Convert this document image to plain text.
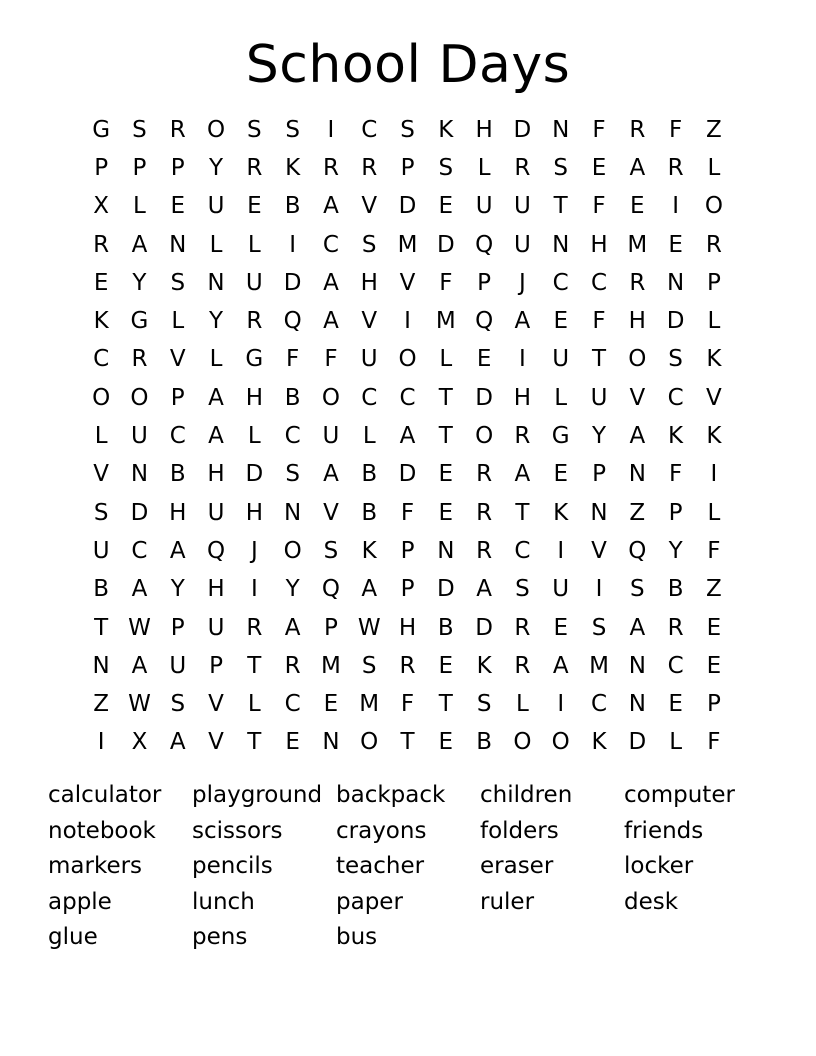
School Days
G S	R O S	S	I	C S	K H D N	F	R	F	Z
P	P	P	Y	R K R R	P	S	L	R	S	E	A R	L
X	L	E U E	B A V D E U U T	F	E	I	O
R A N	L	L	I	C S M D Q U N H M E	R
E	Y	S N U D A H V	F	P	J	C C R N P
K G L	Y	R Q A V	I	M Q A	E	F	H D	L
C R V	L G F	F	U O L	E	I	U T O S	K
O O P	A H B O C C	T D H	L	U V C V
L	U C A	L	C U	L	A	T O R G Y	A K	K
V N B H D S	A B D E	R A	E	P N	F	I
S D H U H N V B	F	E	R	T	K N Z	P	L
U C A Q	J	O S	K	P N R C	I	V Q Y	F
B A	Y H	I	Y Q A	P D A	S U	I	S	B Z
T W P U R A	P W H B D R	E	S	A R	E
N A U P	T	R M S	R	E	K R A M N C	E
Z W S	V	L	C	E M F	T	S	L	I	C N E	P
I	X A V	T	E N O T	E	B O O K D	L	F
calculator	playground backpack	children	computer
notebook	scissors	crayons	folders	friends
markers	pencils	teacher	eraser	locker
apple	lunch	paper	ruler	desk
glue	pens	bus
